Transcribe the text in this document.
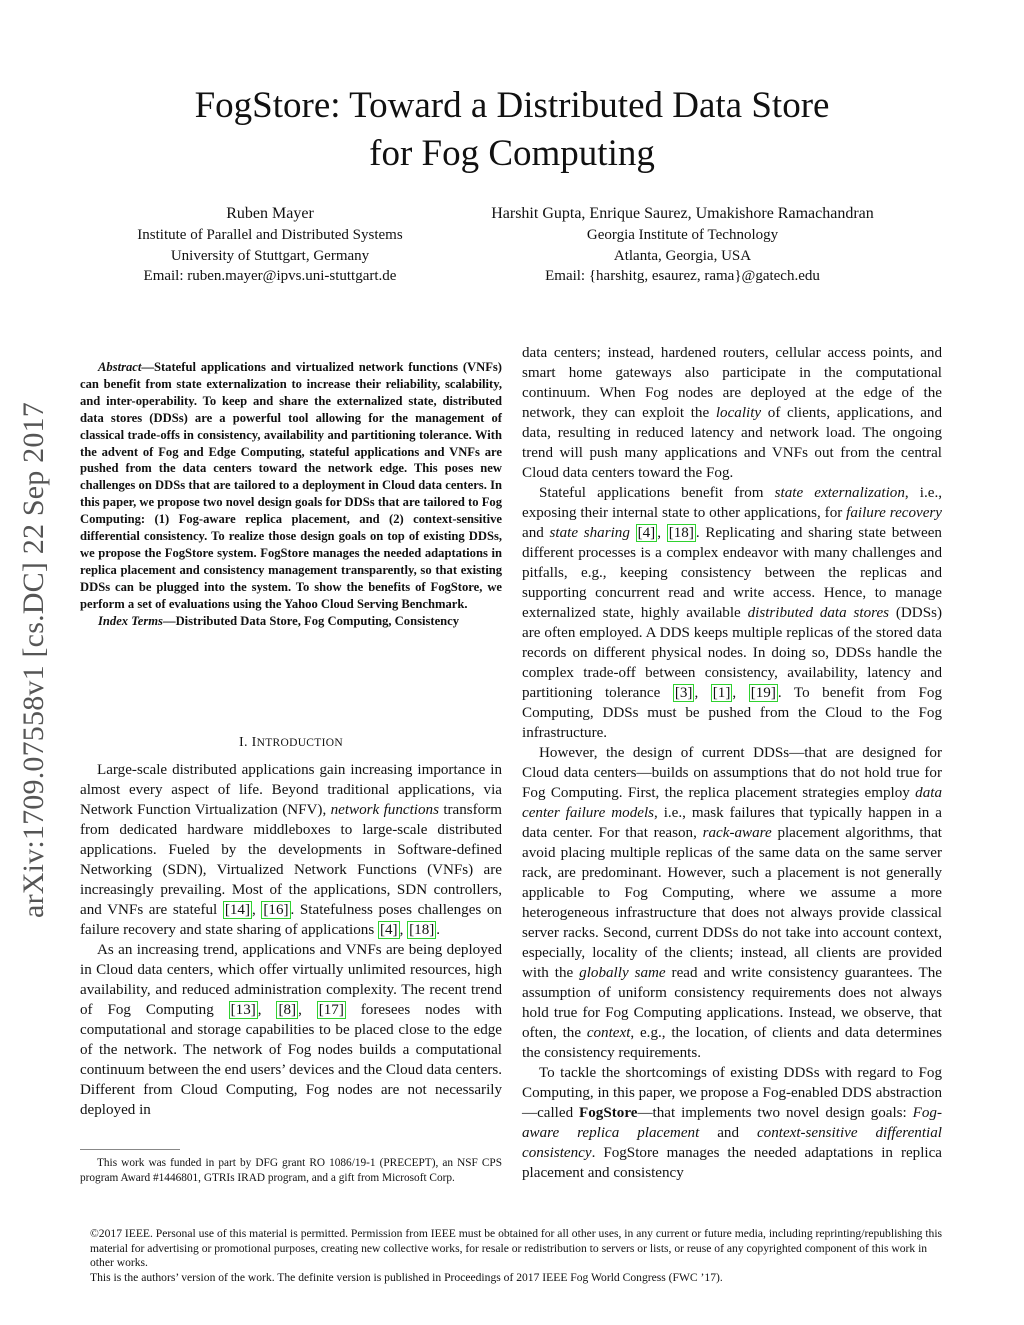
arXiv:1709.07558v1 [cs.DC] 22 Sep 2017
FogStore: Toward a Distributed Data Store
for Fog Computing
Ruben Mayer
Institute of Parallel and Distributed Systems
University of Stuttgart, Germany
Email: ruben.mayer@ipvs.uni-stuttgart.de
Harshit Gupta, Enrique Saurez, Umakishore Ramachandran
Georgia Institute of Technology
Atlanta, Georgia, USA
Email: {harshitg, esaurez, rama}@gatech.edu

Abstract—Stateful applications and virtualized network functions (VNFs) can benefit from state externalization to increase their reliability, scalability, and inter-operability. To keep and share the externalized state, distributed data stores (DDSs) are a powerful tool allowing for the management of classical trade-offs in consistency, availability and partitioning tolerance. With the advent of Fog and Edge Computing, stateful applications and VNFs are pushed from the data centers toward the network edge. This poses new challenges on DDSs that are tailored to a deployment in Cloud data centers. In this paper, we propose two novel design goals for DDSs that are tailored to Fog Computing: (1) Fog-aware replica placement, and (2) context-sensitive differential consistency. To realize those design goals on top of existing DDSs, we propose the FogStore system. FogStore manages the needed adaptations in replica placement and consistency management transparently, so that existing DDSs can be plugged into the system. To show the benefits of FogStore, we perform a set of evaluations using the Yahoo Cloud Serving Benchmark.

Index Terms—Distributed Data Store, Fog Computing, Consistency

I. INTRODUCTION

Large-scale distributed applications gain increasing importance in almost every aspect of life. Beyond traditional applications, via Network Function Virtualization (NFV), network functions transform from dedicated hardware middleboxes to large-scale distributed applications. Fueled by the developments in Software-defined Networking (SDN), Virtualized Network Functions (VNFs) are increasingly prevailing. Most of the applications, SDN controllers, and VNFs are stateful [14] , [16] . Statefulness poses challenges on failure recovery and state sharing of applications [4] , [18] .

As an increasing trend, applications and VNFs are being deployed in Cloud data centers, which offer virtually unlimited resources, high availability, and reduced administration complexity. The recent trend of Fog Computing [13] , [8] , [17] foresees nodes with computational and storage capabilities to be placed close to the edge of the network. The network of Fog nodes builds a computational continuum between the end users’ devices and the Cloud data centers. Different from Cloud Computing, Fog nodes are not necessarily deployed in

This work was funded in part by DFG grant RO 1086/19-1 (PRECEPT), an NSF CPS program Award #1446801, GTRIs IRAD program, and a gift from Microsoft Corp.

data centers; instead, hardened routers, cellular access points, and smart home gateways also participate in the computational continuum. When Fog nodes are deployed at the edge of the network, they can exploit the locality of clients, applications, and data, resulting in reduced latency and network load. The ongoing trend will push many applications and VNFs out from the central Cloud data centers toward the Fog.

Stateful applications benefit from state externalization, i.e., exposing their internal state to other applications, for failure recovery and state sharing [4] , [18] . Replicating and sharing state between different processes is a complex endeavor with many challenges and pitfalls, e.g., keeping consistency between the replicas and supporting concurrent read and write access. Hence, to manage externalized state, highly available distributed data stores (DDSs) are often employed. A DDS keeps multiple replicas of the stored data records on different physical nodes. In doing so, DDSs handle the complex trade-off between consistency, availability, latency and partitioning tolerance [3] , [1] , [19] . To benefit from Fog Computing, DDSs must be pushed from the Cloud to the Fog infrastructure.

However, the design of current DDSs—that are designed for Cloud data centers—builds on assumptions that do not hold true for Fog Computing. First, the replica placement strategies employ data center failure models, i.e., mask failures that typically happen in a data center. For that reason, rack-aware placement algorithms, that avoid placing multiple replicas of the same data on the same server rack, are predominant. However, such a placement is not generally applicable to Fog Computing, where we assume a more heterogeneous infrastructure that does not always provide classical server racks. Second, current DDSs do not take into account context, especially, locality of the clients; instead, all clients are provided with the globally same read and write consistency guarantees. The assumption of uniform consistency requirements does not always hold true for Fog Computing applications. Instead, we observe, that often, the context, e.g., the location, of clients and data determines the consistency requirements.

To tackle the shortcomings of existing DDSs with regard to Fog Computing, in this paper, we propose a Fog-enabled DDS abstraction—called FogStore—that implements two novel design goals: Fog-aware replica placement and context-sensitive differential consistency. FogStore manages the needed adaptations in replica placement and consistency

©2017 IEEE. Personal use of this material is permitted. Permission from IEEE must be obtained for all other uses, in any current or future media, including reprinting/republishing this material for advertising or promotional purposes, creating new collective works, for resale or redistribution to servers or lists, or reuse of any copyrighted component of this work in other works.
This is the authors’ version of the work. The definite version is published in Proceedings of 2017 IEEE Fog World Congress (FWC ’17).
